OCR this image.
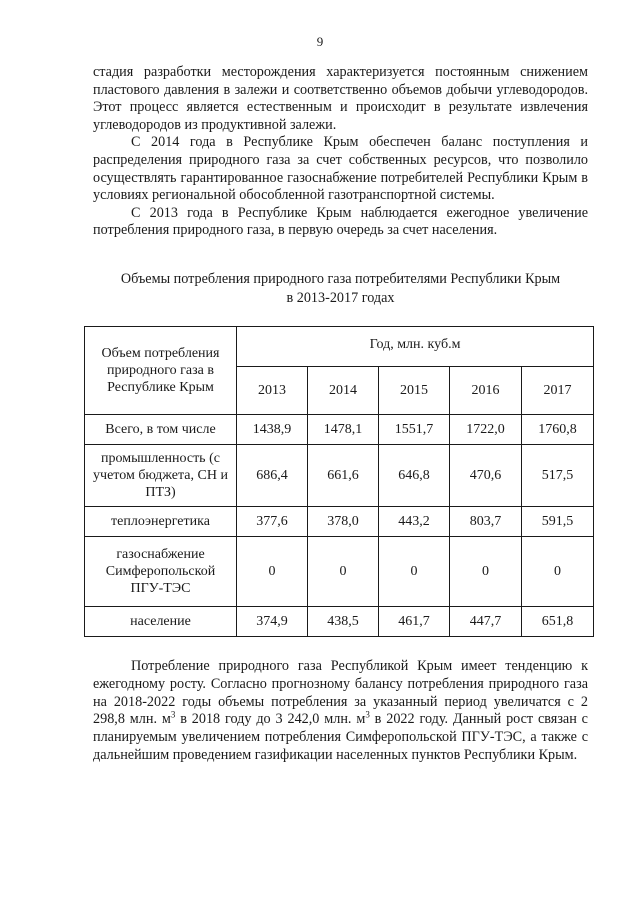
9

стадия разработки месторождения характеризуется постоянным снижением пластового давления в залежи и соответственно объемов добычи углеводородов. Этот процесс является естественным и происходит в результате извлечения углеводородов из продуктивной залежи.

С 2014 года в Республике Крым обеспечен баланс поступления и распределения природного газа за счет собственных ресурсов, что позволило осуществлять гарантированное газоснабжение потребителей Республики Крым в условиях региональной обособленной газотранспортной системы.

С 2013 года в Республике Крым наблюдается ежегодное увеличение потребления природного газа, в первую очередь за счет населения.

Объемы потребления природного газа потребителями Республики Крым
в 2013-2017 годах
Объем потребления природного газа в Республике Крым	Год, млн. куб.м				
	2013	2014	2015	2016	2017
Всего, в том числе	1438,9	1478,1	1551,7	1722,0	1760,8
промышленность (с учетом бюджета, СН и ПТЗ)	686,4	661,6	646,8	470,6	517,5
теплоэнергетика	377,6	378,0	443,2	803,7	591,5
газоснабжение Симферопольской ПГУ-ТЭС	0	0	0	0	0
население	374,9	438,5	461,7	447,7	651,8

Потребление природного газа Республикой Крым имеет тенденцию к ежегодному росту. Согласно прогнозному балансу потребления природного газа на 2018-2022 годы объемы потребления за указанный период увеличатся с 2 298,8 млн. $м^3$ в 2018 году до 3 242,0 млн. $м^3$ в 2022 году. Данный рост связан с планируемым увеличением потребления Симферопольской ПГУ-ТЭС, а также с дальнейшим проведением газификации населенных пунктов Республики Крым.
